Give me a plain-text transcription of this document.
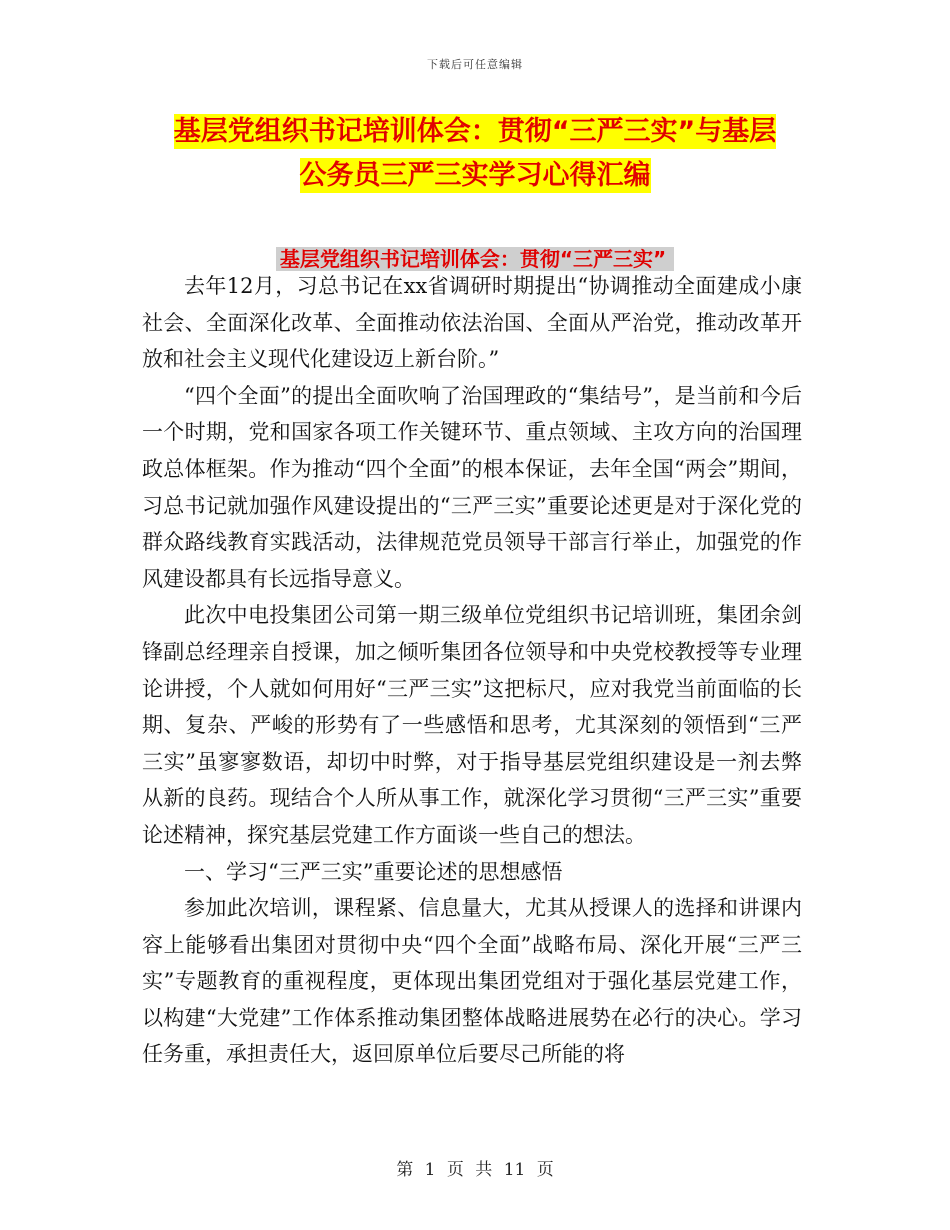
下载后可任意编辑
基层党组织书记培训体会：贯彻“三严三实”与基层
公务员三严三实学习心得汇编
基层党组织书记培训体会：贯彻“三严三实”

去年12月，习总书记在xx省调研时期提出“协调推动全面建成小康社会、全面深化改革、全面推动依法治国、全面从严治党，推动改革开放和社会主义现代化建设迈上新台阶。”

“四个全面”的提出全面吹响了治国理政的“集结号”，是当前和今后一个时期，党和国家各项工作关键环节、重点领域、主攻方向的治国理政总体框架。作为推动“四个全面”的根本保证，去年全国“两会”期间，习总书记就加强作风建设提出的“三严三实”重要论述更是对于深化党的群众路线教育实践活动，法律规范党员领导干部言行举止，加强党的作风建设都具有长远指导意义。

此次中电投集团公司第一期三级单位党组织书记培训班，集团余剑锋副总经理亲自授课，加之倾听集团各位领导和中央党校教授等专业理论讲授，个人就如何用好“三严三实”这把标尺，应对我党当前面临的长期、复杂、严峻的形势有了一些感悟和思考，尤其深刻的领悟到“三严三实”虽寥寥数语，却切中时弊，对于指导基层党组织建设是一剂去弊从新的良药。现结合个人所从事工作，就深化学习贯彻“三严三实”重要论述精神，探究基层党建工作方面谈一些自己的想法。

一、学习“三严三实”重要论述的思想感悟

参加此次培训，课程紧、信息量大，尤其从授课人的选择和讲课内容上能够看出集团对贯彻中央“四个全面”战略布局、深化开展“三严三实”专题教育的重视程度，更体现出集团党组对于强化基层党建工作，以构建“大党建”工作体系推动集团整体战略进展势在必行的决心。学习任务重，承担责任大，返回原单位后要尽己所能的将

第 1 页 共 11 页
